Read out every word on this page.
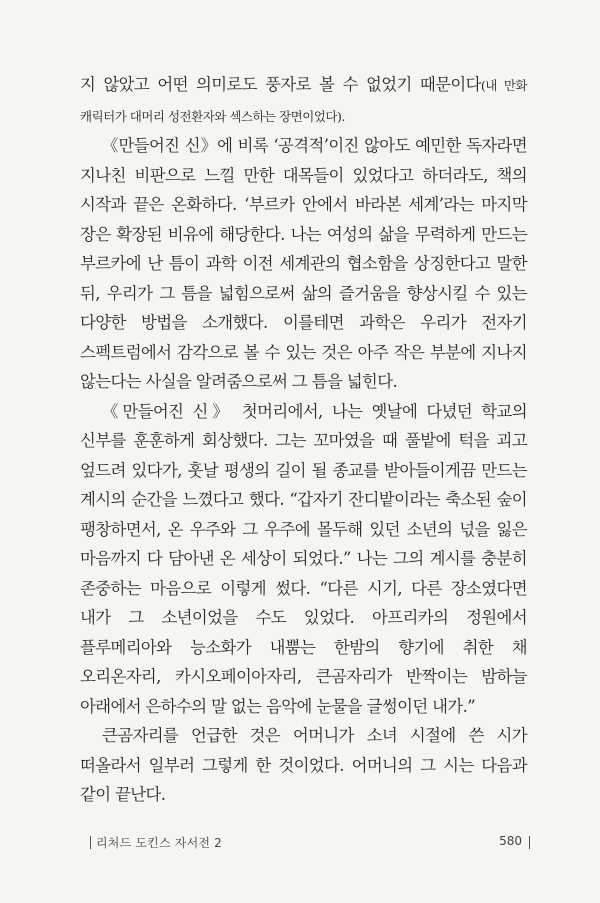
지 않았고 어떤 의미로도 풍자로 볼 수 없었기 때문이다(내 만화 캐릭터가 대머리 성전환자와 섹스하는 장면이었다).

《만들어진 신》에 비록 ‘공격적’이진 않아도 예민한 독자라면 지나친 비판으로 느낄 만한 대목들이 있었다고 하더라도, 책의 시작과 끝은 온화하다. ‘부르카 안에서 바라본 세계’라는 마지막 장은 확장된 비유에 해당한다. 나는 여성의 삶을 무력하게 만드는 부르카에 난 틈이 과학 이전 세계관의 협소함을 상징한다고 말한 뒤, 우리가 그 틈을 넓힘으로써 삶의 즐거움을 향상시킬 수 있는 다양한 방법을 소개했다. 이를테면 과학은 우리가 전자기 스펙트럼에서 감각으로 볼 수 있는 것은 아주 작은 부분에 지나지 않는다는 사실을 알려줌으로써 그 틈을 넓힌다.

《만들어진 신》 첫머리에서, 나는 옛날에 다녔던 학교의 신부를 훈훈하게 회상했다. 그는 꼬마였을 때 풀밭에 턱을 괴고 엎드려 있다가, 훗날 평생의 길이 될 종교를 받아들이게끔 만드는 계시의 순간을 느꼈다고 했다. “갑자기 잔디밭이라는 축소된 숲이 팽창하면서, 온 우주와 그 우주에 몰두해 있던 소년의 넋을 잃은 마음까지 다 담아낸 온 세상이 되었다.” 나는 그의 계시를 충분히 존중하는 마음으로 이렇게 썼다. “다른 시기, 다른 장소였다면 내가 그 소년이었을 수도 있었다. 아프리카의 정원에서 플루메리아와 능소화가 내뿜는 한밤의 향기에 취한 채 오리온자리, 카시오페이아자리, 큰곰자리가 반짝이는 밤하늘 아래에서 은하수의 말 없는 음악에 눈물을 글썽이던 내가.”

큰곰자리를 언급한 것은 어머니가 소녀 시절에 쓴 시가 떠올라서 일부러 그렇게 한 것이었다. 어머니의 그 시는 다음과 같이 끝난다.

리처드 도킨스 자서전 2	580
